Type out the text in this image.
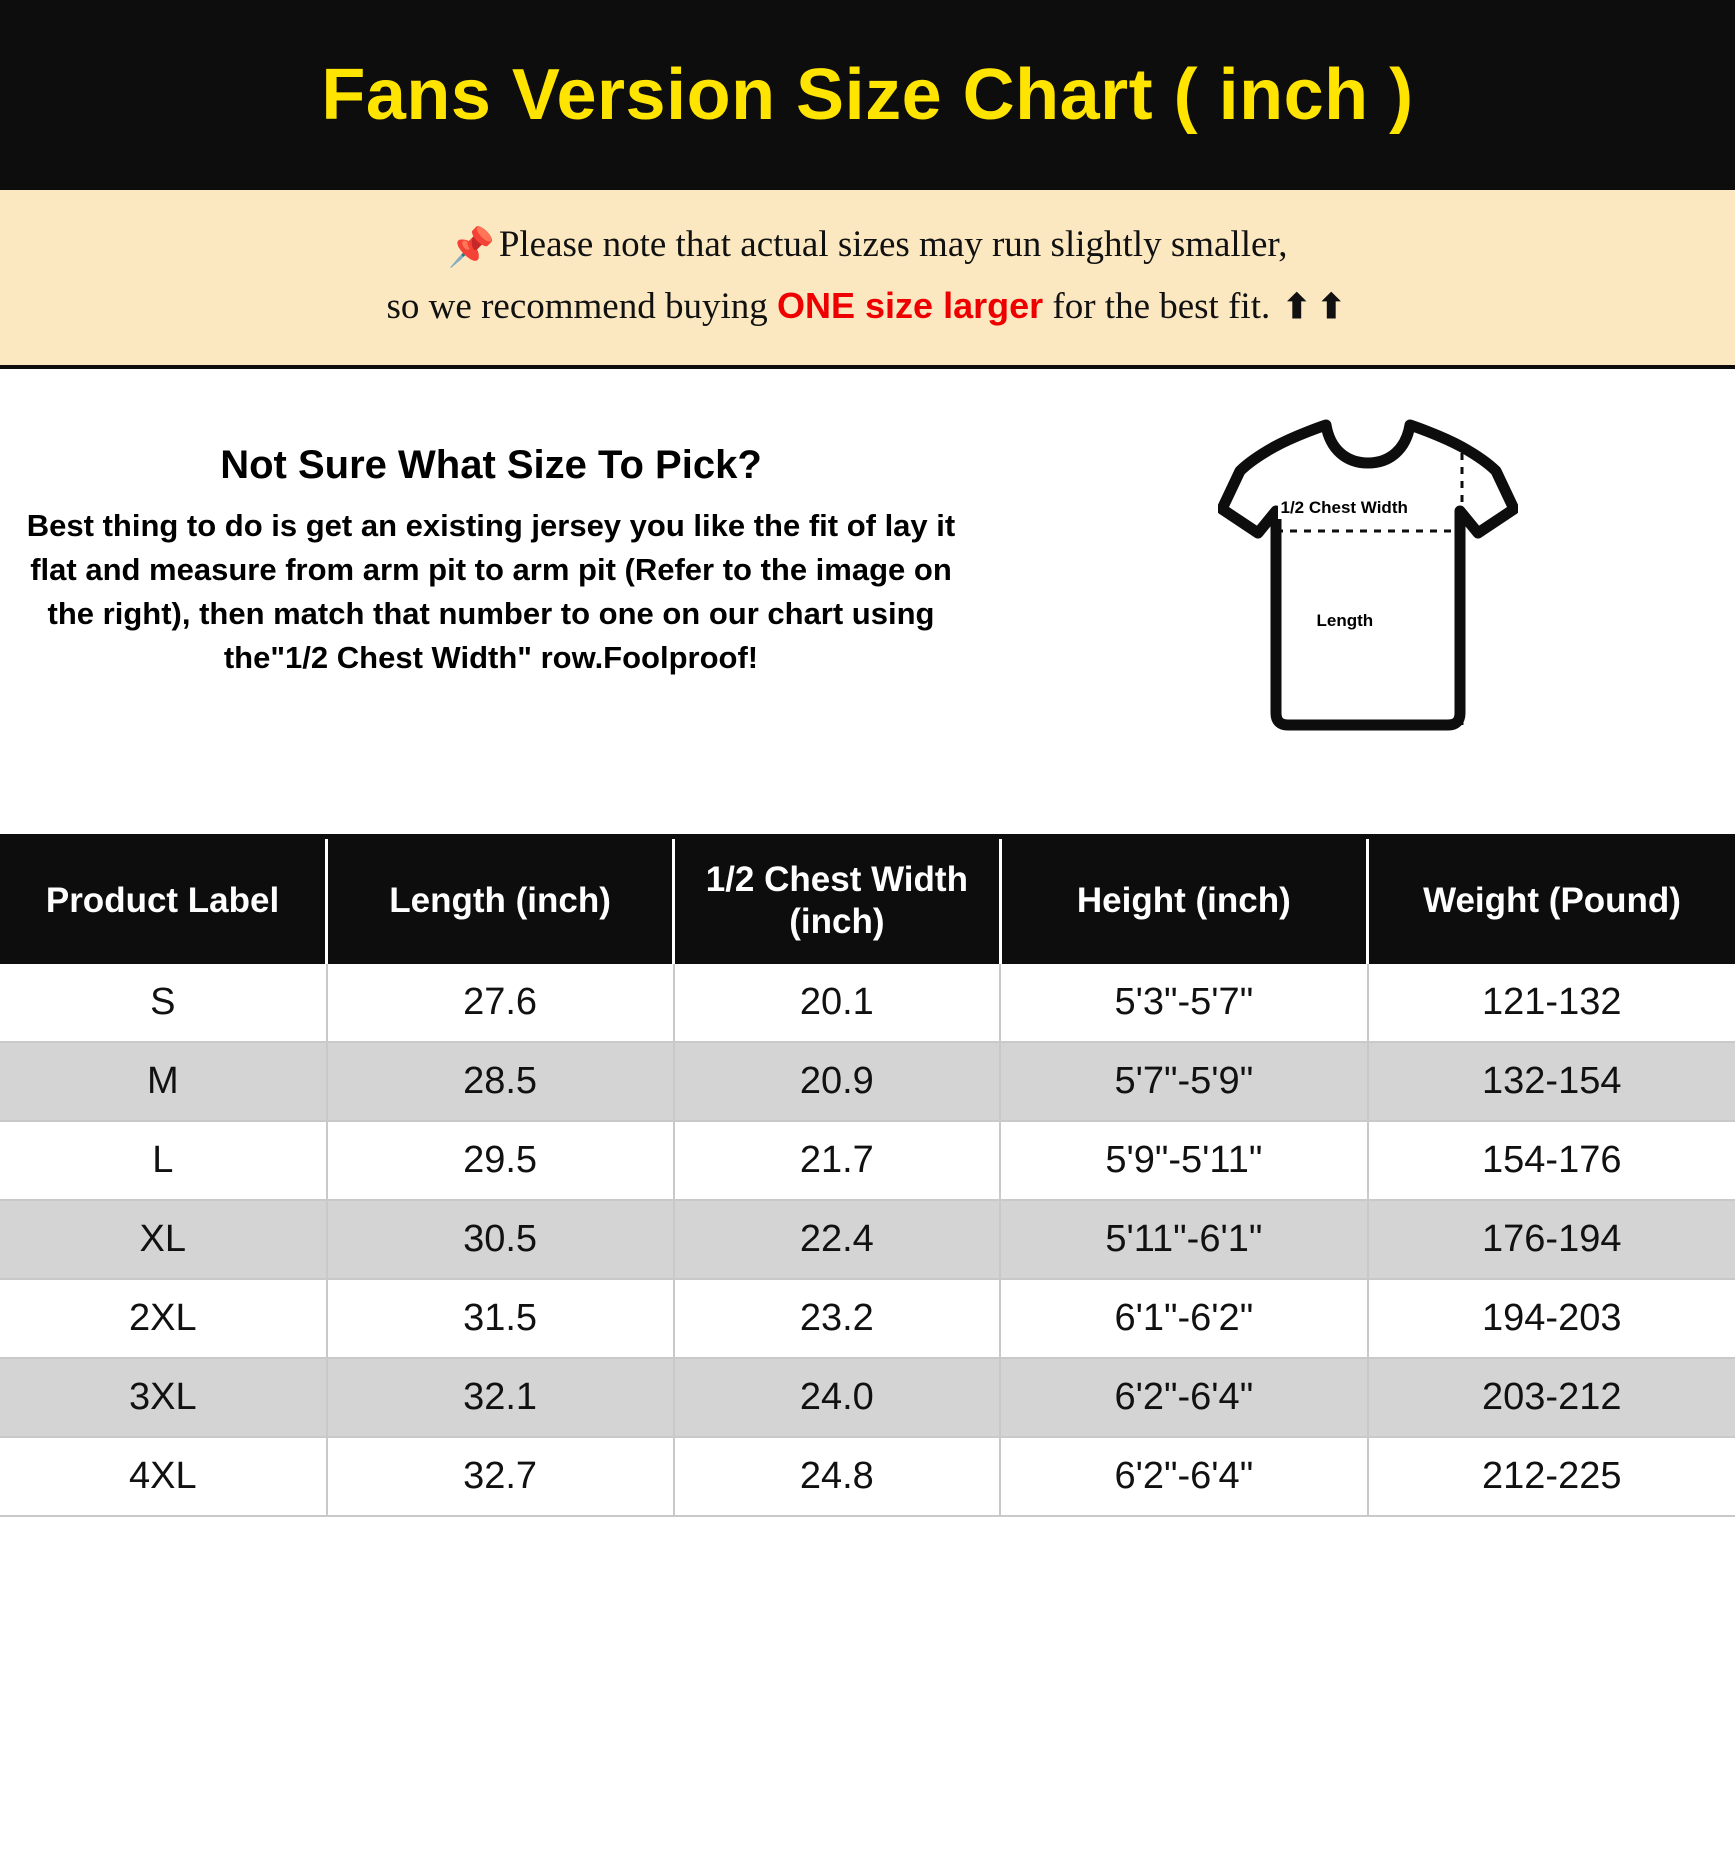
Fans Version Size Chart ( inch )
📌 Please note that actual sizes may run slightly smaller,
so we recommend buying ONE size larger for the best fit. ⬆ ⬆
Not Sure What Size To Pick?
Best thing to do is get an existing jersey you like the fit of lay it flat and measure from arm pit to arm pit (Refer to the image on the right), then match that number to one on our chart using the"1/2 Chest Width" row.Foolproof!
1/2 Chest Width
Length
Product Label	Length (inch)	1/2 Chest Width (inch)	Height (inch)	Weight (Pound)
S	27.6	20.1	5'3"-5'7"	121-132
M	28.5	20.9	5'7"-5'9"	132-154
L	29.5	21.7	5'9"-5'11"	154-176
XL	30.5	22.4	5'11"-6'1"	176-194
2XL	31.5	23.2	6'1"-6'2"	194-203
3XL	32.1	24.0	6'2"-6'4"	203-212
4XL	32.7	24.8	6'2"-6'4"	212-225
